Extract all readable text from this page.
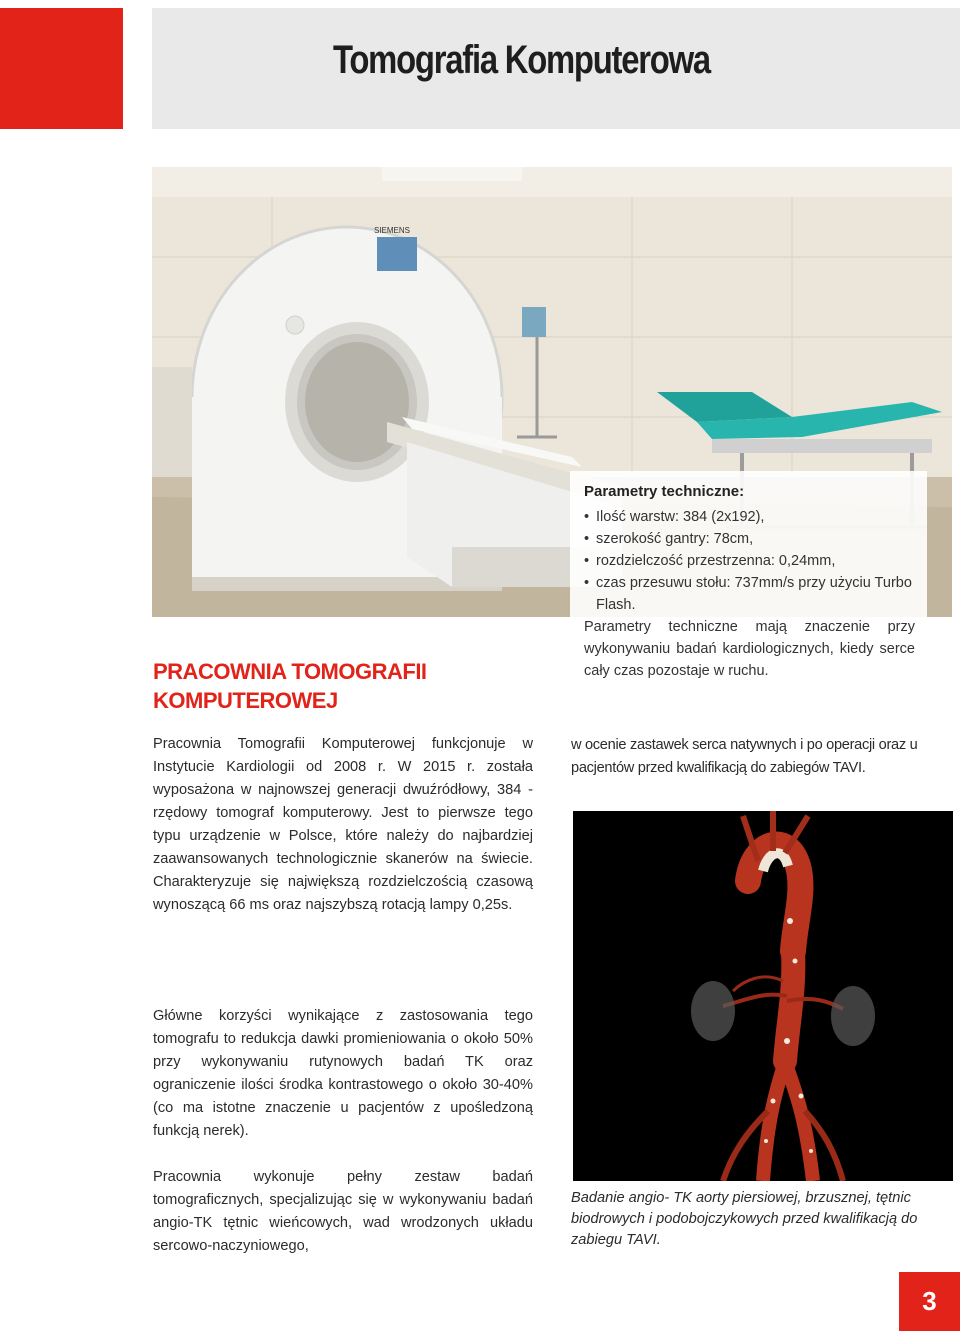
Tomografia Komputerowa
SIEMENS
Parametry techniczne:
• Ilość warstw: 384 (2x192),
• szerokość gantry: 78cm,
• rozdzielczość przestrzenna: 0,24mm,
• czas przesuwu stołu: 737mm/s przy użyciu Turbo Flash.

Parametry techniczne mają znaczenie przy wykonywaniu badań kardiologicznych, kiedy serce cały czas pozostaje w ruchu.

PRACOWNIA TOMOGRAFII KOMPUTEROWEJ

Pracownia Tomografii Komputerowej funkcjonuje w Instytucie Kardiologii od 2008 r. W 2015 r. została wyposażona w najnowszej generacji dwuźródłowy, 384 - rzędowy tomograf komputerowy. Jest to pierwsze tego typu urządzenie w Polsce, które należy do najbardziej zaawansowanych technologicznie skanerów na świecie. Charakteryzuje się największą rozdzielczością czasową wynoszącą 66 ms oraz najszybszą rotacją lampy 0,25s.

Główne korzyści wynikające z zastosowania tego tomografu to redukcja dawki promieniowania o około 50% przy wykonywaniu rutynowych badań TK oraz ograniczenie ilości środka kontrastowego o około 30-40% (co ma istotne znaczenie u pacjentów z upośledzoną funkcją nerek).

Pracownia wykonuje pełny zestaw badań tomograficznych, specjalizując się w wykonywaniu badań angio-TK tętnic wieńcowych, wad wrodzonych układu sercowo-naczyniowego,

w ocenie zastawek serca natywnych i po operacji oraz u pacjentów przed kwalifikacją do zabiegów TAVI.

Badanie angio- TK aorty piersiowej, brzusznej, tętnic biodrowych i podobojczykowych przed kwalifikacją do zabiegu TAVI.

3
